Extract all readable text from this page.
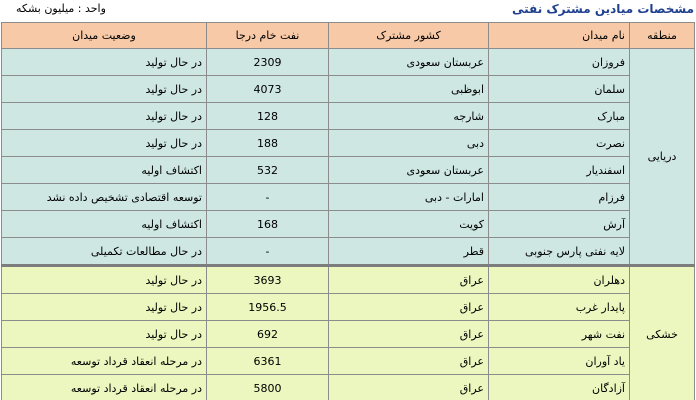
مشخصات میادین مشترک نفتی
واحد : میلیون بشکه
منطقه	نام میدان	کشور مشترک	نفت خام درجا	وضعیت میدان
دریایی	فروزان	عربستان سعودی	2309	در حال تولید
	سلمان	ابوظبی	4073	در حال تولید
	مبارک	شارجه	128	در حال تولید
	نصرت	دبی	188	در حال تولید
	اسفندیار	عربستان سعودی	532	اکتشاف اولیه
	فرزام	امارات - دبی	-	توسعه اقتصادی تشخیص داده نشد
	آرش	کویت	168	اکتشاف اولیه
	لایه نفتی پارس جنوبی	قطر	-	در حال مطالعات تکمیلی
خشکی	دهلران	عراق	3693	در حال تولید
	پایدار غرب	عراق	1956.5	در حال تولید
	نفت شهر	عراق	692	در حال تولید
	یاد آوران	عراق	6361	در مرحله انعقاد قرداد توسعه
	آزادگان	عراق	5800	در مرحله انعقاد قرداد توسعه
